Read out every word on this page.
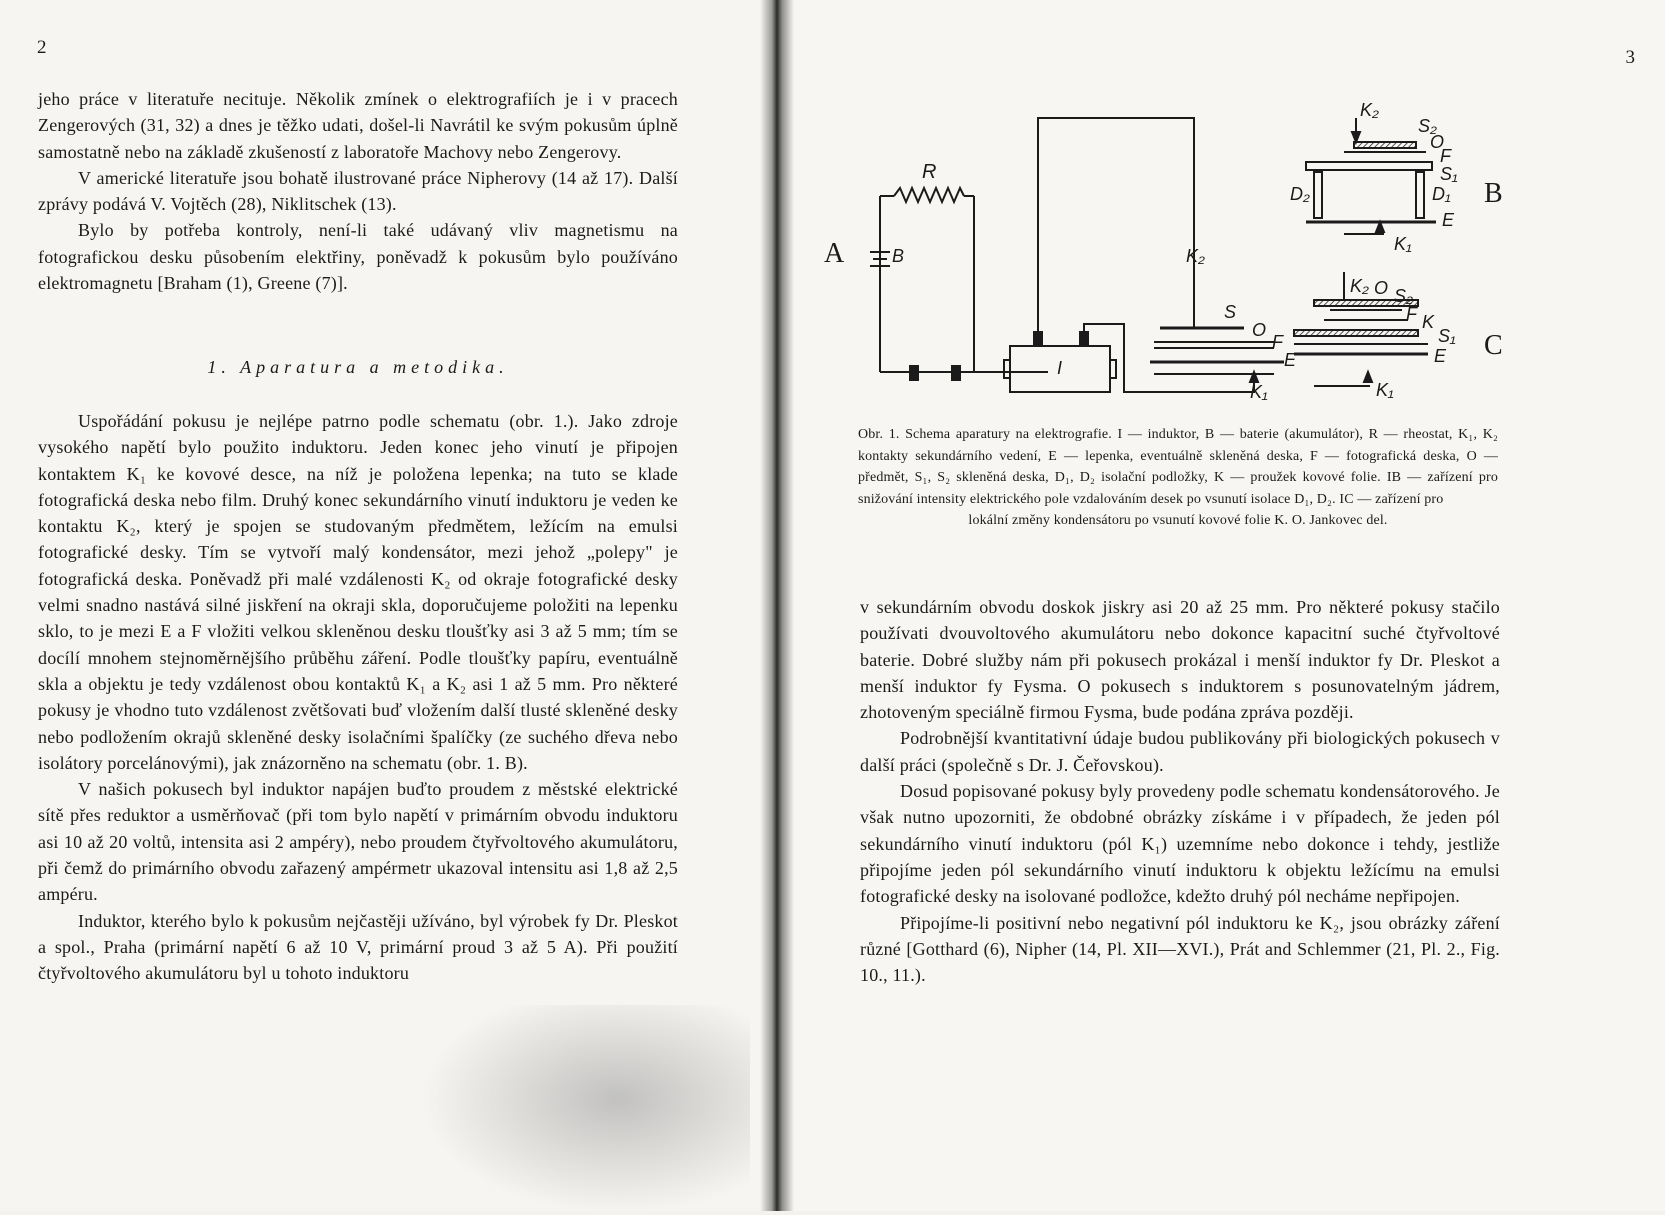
2

jeho práce v literatuře necituje. Několik zmínek o elektrografiích je i v pracech Zengerových (31, 32) a dnes je těžko udati, došel-li Navrátil ke svým pokusům úplně samostatně nebo na základě zkušeností z laboratoře Machovy nebo Zengerovy.

V americké literatuře jsou bohatě ilustrované práce Nipherovy (14 až 17). Další zprávy podává V. Vojtěch (28), Niklitschek (13).

Bylo by potřeba kontroly, není-li také udávaný vliv magnetismu na fotografickou desku působením elektřiny, poněvadž k pokusům bylo používáno elektromagnetu [Braham (1), Greene (7)].

1. Aparatura a metodika.

Uspořádání pokusu je nejlépe patrno podle schematu (obr. 1.). Jako zdroje vysokého napětí bylo použito induktoru. Jeden konec jeho vinutí je připojen kontaktem K₁ ke kovové desce, na níž je položena lepenka; na tuto se klade fotografická deska nebo film. Druhý konec sekundárního vinutí induktoru je veden ke kontaktu K₂, který je spojen se studovaným předmětem, ležícím na emulsi fotografické desky. Tím se vytvoří malý kondensátor, mezi jehož „polepy" je fotografická deska. Poněvadž při malé vzdálenosti K₂ od okraje fotografické desky velmi snadno nastává silné jiskření na okraji skla, doporučujeme položiti na lepenku sklo, to je mezi E a F vložiti velkou skleněnou desku tloušťky asi 3 až 5 mm; tím se docílí mnohem stejnoměrnějšího průběhu záření. Podle tloušťky papíru, eventuálně skla a objektu je tedy vzdálenost obou kontaktů K₁ a K₂ asi 1 až 5 mm. Pro některé pokusy je vhodno tuto vzdálenost zvětšovati buď vložením další tlusté skleněné desky nebo podložením okrajů skleněné desky isolačními špalíčky (ze suchého dřeva nebo isolátory porcelánovými), jak znázorněno na schematu (obr. 1. B).

V našich pokusech byl induktor napájen buďto proudem z městské elektrické sítě přes reduktor a usměrňovač (při tom bylo napětí v primárním obvodu induktoru asi 10 až 20 voltů, intensita asi 2 ampéry), nebo proudem čtyřvoltového akumulátoru, při čemž do primárního obvodu zařazený ampérmetr ukazoval intensitu asi 1,8 až 2,5 ampéru.

Induktor, kterého bylo k pokusům nejčastěji užíváno, byl výrobek fy Dr. Pleskot a spol., Praha (primární napětí 6 až 10 V, primární proud 3 až 5 A). Při použití čtyřvoltového akumulátoru byl u tohoto induktoru

3
A	B
R
I
K₂
S
O
F
E
K₁
K₂
S₂
O
F
S₁
D₂	D₁
E
K₁
B
K₂ O S₂
F K
S₁
E
K₁
C
Obr. 1. Schema aparatury na elektrografie. I — induktor, B — baterie (akumulátor), R — rheostat, K₁, K₂ kontakty sekundárního vedení, E — lepenka, eventuálně skleněná deska, F — fotografická deska, O — předmět, S₁, S₂ skleněná deska, D₁, D₂ isolační podložky, K — proužek kovové folie. IB — zařízení pro snižování intensity elektrického pole vzdalováním desek po vsunutí isolace D₁, D₂. IC — zařízení pro
lokální změny kondensátoru po vsunutí kovové folie K. O. Jankovec del.

v sekundárním obvodu doskok jiskry asi 20 až 25 mm. Pro některé pokusy stačilo používati dvouvoltového akumulátoru nebo dokonce kapacitní suché čtyřvoltové baterie. Dobré služby nám při pokusech prokázal i menší induktor fy Dr. Pleskot a menší induktor fy Fysma. O pokusech s induktorem s posunovatelným jádrem, zhotoveným speciálně firmou Fysma, bude podána zpráva později.

Podrobnější kvantitativní údaje budou publikovány při biologických pokusech v další práci (společně s Dr. J. Čeřovskou).

Dosud popisované pokusy byly provedeny podle schematu kondensátorového. Je však nutno upozorniti, že obdobné obrázky získáme i v případech, že jeden pól sekundárního vinutí induktoru (pól K₁) uzemníme nebo dokonce i tehdy, jestliže připojíme jeden pól sekundárního vinutí induktoru k objektu ležícímu na emulsi fotografické desky na isolované podložce, kdežto druhý pól necháme nepřipojen.

Připojíme-li positivní nebo negativní pól induktoru ke K₂, jsou obrázky záření různé [Gotthard (6), Nipher (14, Pl. XII—XVI.), Prát and Schlemmer (21, Pl. 2., Fig. 10., 11.).
